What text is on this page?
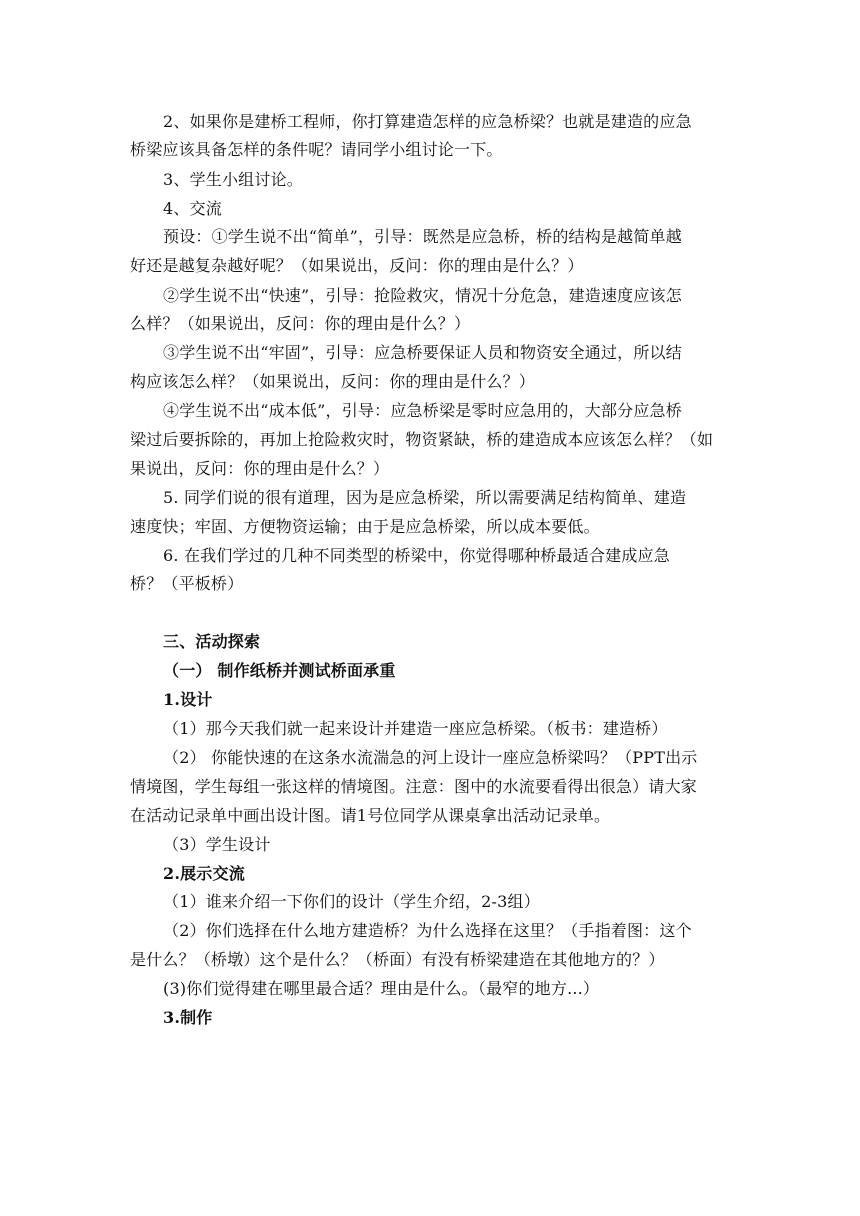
2、如果你是建桥工程师，你打算建造怎样的应急桥梁？也就是建造的应急
桥梁应该具备怎样的条件呢？请同学小组讨论一下。
3、学生小组讨论。
4、交流
预设：①学生说不出“简单”，引导：既然是应急桥，桥的结构是越简单越
好还是越复杂越好呢？（如果说出，反问：你的理由是什么？）
②学生说不出“快速”，引导：抢险救灾，情况十分危急，建造速度应该怎
么样？（如果说出，反问：你的理由是什么？）
③学生说不出“牢固”，引导：应急桥要保证人员和物资安全通过，所以结
构应该怎么样？（如果说出，反问：你的理由是什么？）
④学生说不出“成本低”，引导：应急桥梁是零时应急用的，大部分应急桥
梁过后要拆除的，再加上抢险救灾时，物资紧缺，桥的建造成本应该怎么样？（如
果说出，反问：你的理由是什么？）
5. 同学们说的很有道理，因为是应急桥梁，所以需要满足结构简单、建造
速度快；牢固、方便物资运输；由于是应急桥梁，所以成本要低。
6. 在我们学过的几种不同类型的桥梁中，你觉得哪种桥最适合建成应急
桥？（平板桥）
三、活动探索
（一） 制作纸桥并测试桥面承重
1.设计
（1）那今天我们就一起来设计并建造一座应急桥梁。（板书：建造桥）
（2） 你能快速的在这条水流湍急的河上设计一座应急桥梁吗？（PPT出示
情境图，学生每组一张这样的情境图。注意：图中的水流要看得出很急）请大家
在活动记录单中画出设计图。请1号位同学从课桌拿出活动记录单。
（3）学生设计
2.展示交流
（1）谁来介绍一下你们的设计（学生介绍，2-3组）
（2）你们选择在什么地方建造桥？为什么选择在这里？（手指着图：这个
是什么？（桥墩）这个是什么？（桥面）有没有桥梁建造在其他地方的？）
(3)你们觉得建在哪里最合适？理由是什么。（最窄的地方...）
3.制作
